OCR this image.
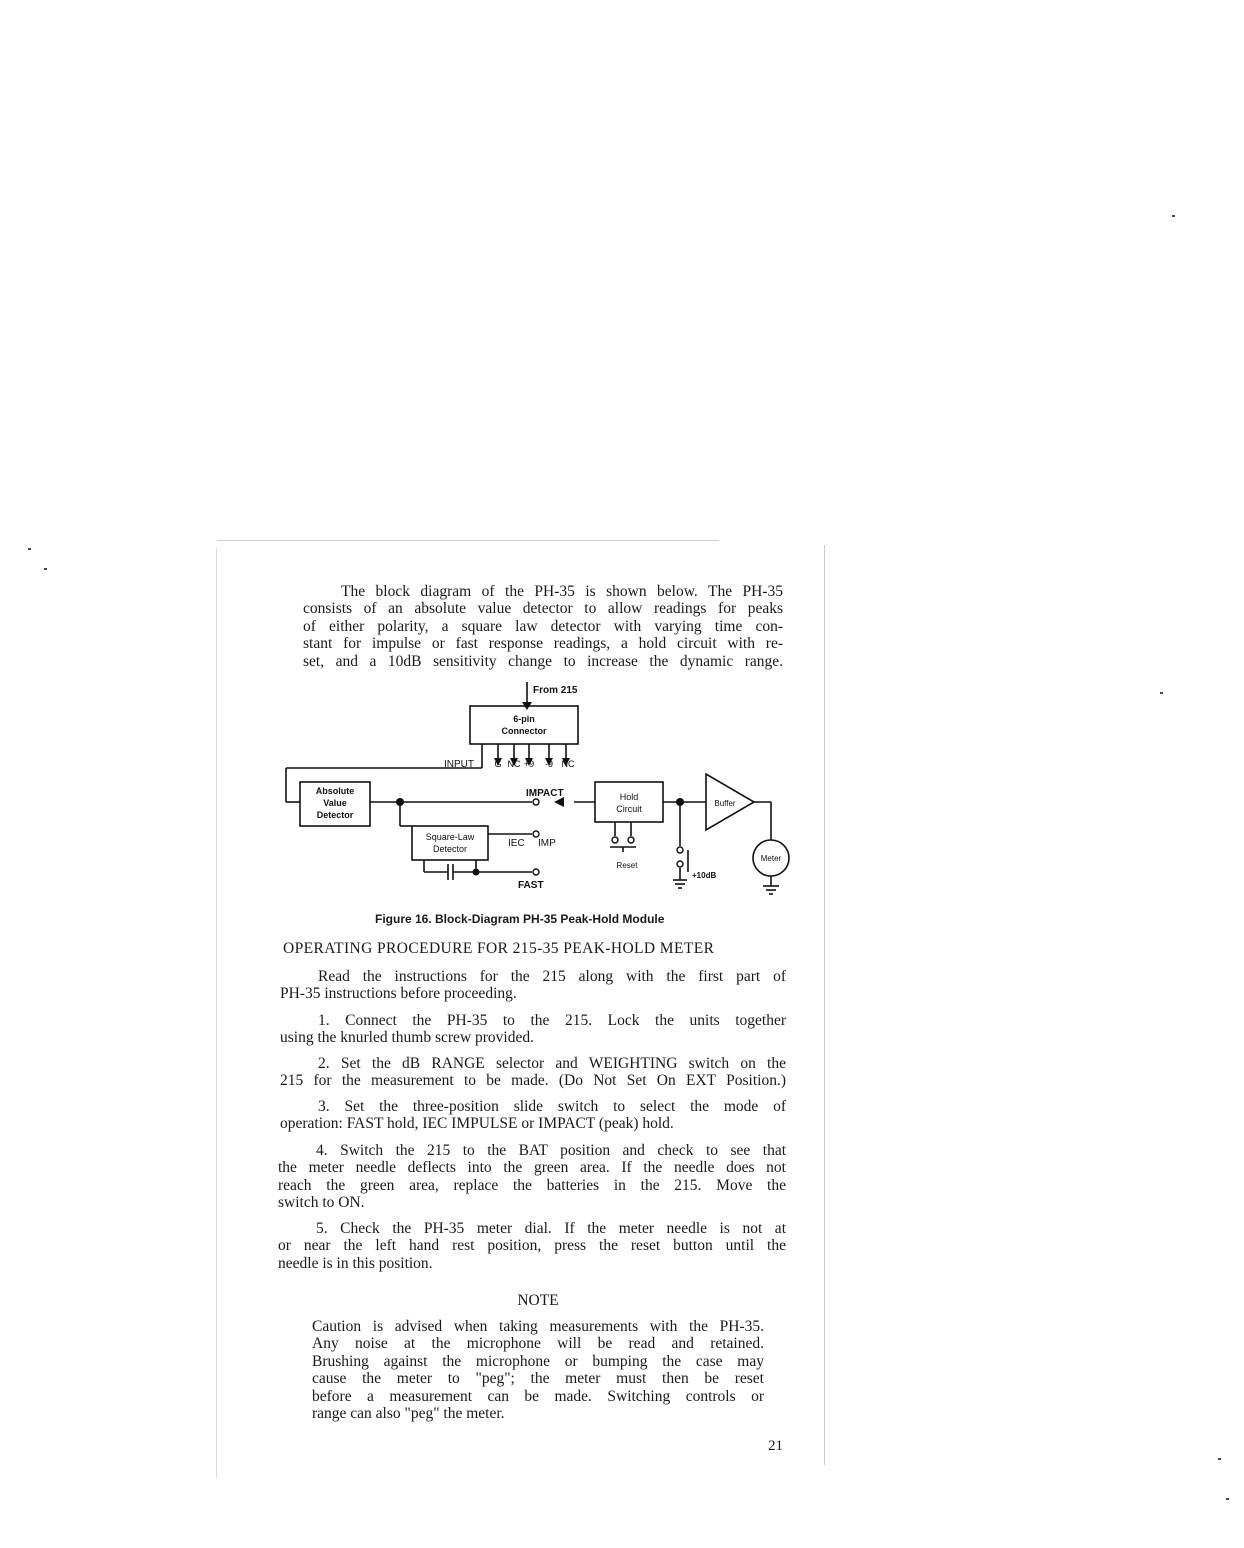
The block diagram of the PH-35 is shown below. The PH-35
consists of an absolute value detector to allow readings for peaks
of either polarity, a square law detector with varying time con-
stant for impulse or fast response readings, a hold circuit with re-
set, and a 10dB sensitivity change to increase the dynamic range.
From 215
6-pin
Connector
INPUT G NC +9 -9 NC
Absolute
Value
Detector
IMPACT
Square-Law
Detector	IEC IMP
FAST
Hold
Circuit
Reset
Buffer
Meter
+10dB
Figure 16. Block-Diagram PH-35 Peak-Hold Module
OPERATING PROCEDURE FOR 215-35 PEAK-HOLD METER
Read the instructions for the 215 along with the first part of
PH-35 instructions before proceeding.
1. Connect the PH-35 to the 215. Lock the units together
using the knurled thumb screw provided.
2. Set the dB RANGE selector and WEIGHTING switch on the
215 for the measurement to be made. (Do Not Set On EXT Position.)
3. Set the three-position slide switch to select the mode of
operation: FAST hold, IEC IMPULSE or IMPACT (peak) hold.
4. Switch the 215 to the BAT position and check to see that
the meter needle deflects into the green area. If the needle does not
reach the green area, replace the batteries in the 215. Move the
switch to ON.
5. Check the PH-35 meter dial. If the meter needle is not at
or near the left hand rest position, press the reset button until the
needle is in this position.
NOTE
Caution is advised when taking measurements with the PH-35.
Any noise at the microphone will be read and retained.
Brushing against the microphone or bumping the case may
cause the meter to "peg"; the meter must then be reset
before a measurement can be made. Switching controls or
range can also "peg" the meter.
21
